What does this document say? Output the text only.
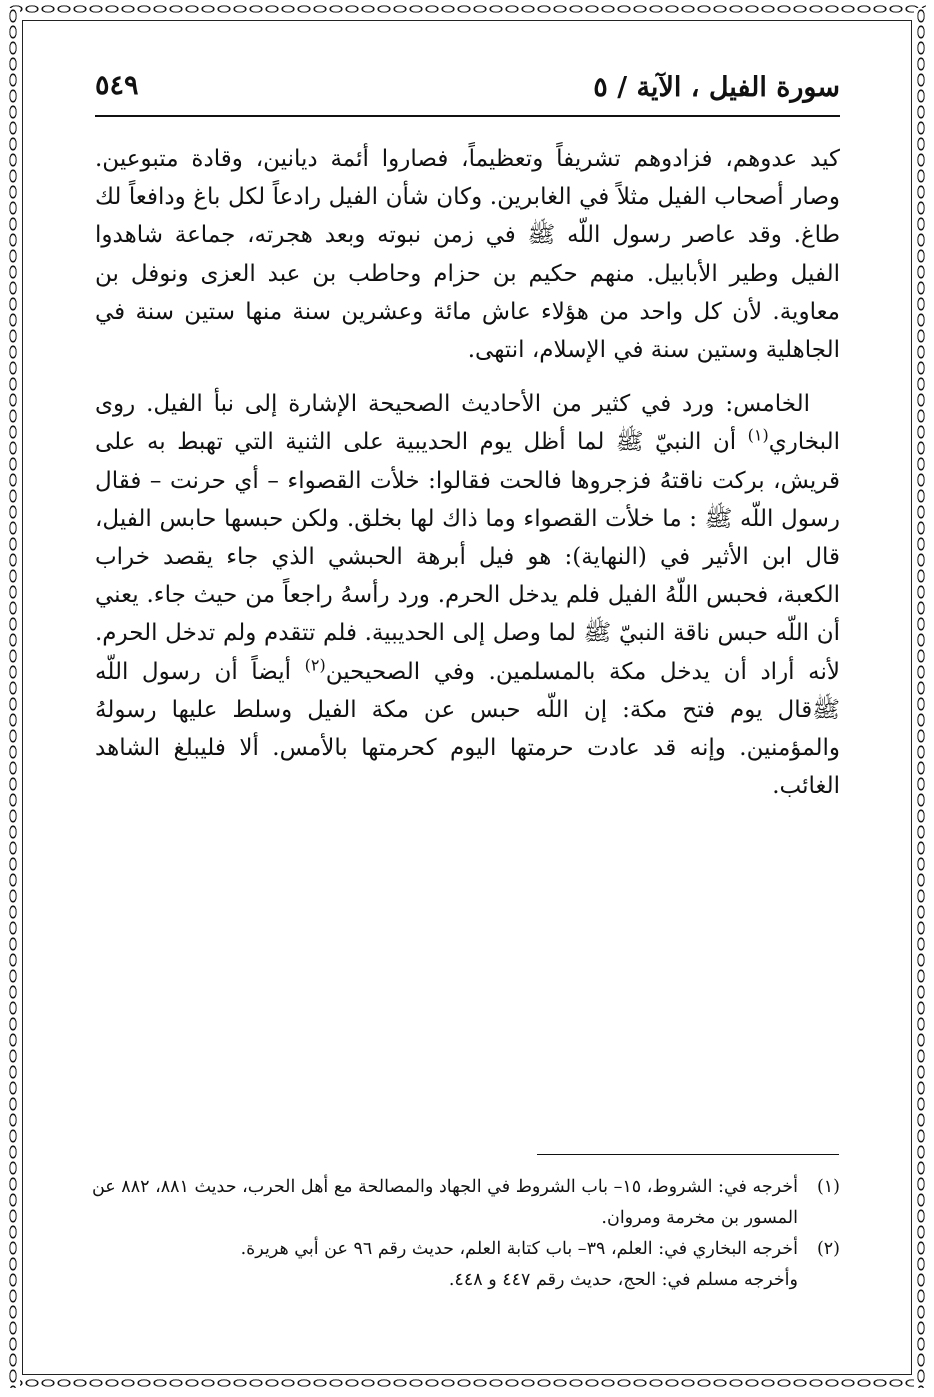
سورة الفيل ، الآية / ٥
٥٤٩

كيد عدوهم، فزادوهم تشريفاً وتعظيماً، فصاروا أئمة ديانين، وقادة متبوعين. وصار أصحاب الفيل مثلاً في الغابرين. وكان شأن الفيل رادعاً لكل باغ ودافعاً لك طاغ. وقد عاصر رسول اللّه ﷺ في زمن نبوته وبعد هجرته، جماعة شاهدوا الفيل وطير الأبابيل. منهم حكيم بن حزام وحاطب بن عبد العزى ونوفل بن معاوية. لأن كل واحد من هؤلاء عاش مائة وعشرين سنة منها ستين سنة في الجاهلية وستين سنة في الإسلام، انتهى.

الخامس: ورد في كثير من الأحاديث الصحيحة الإشارة إلى نبأ الفيل. روى البخاري$^{(١)}$ أن النبيّ ﷺ لما أظل يوم الحديبية على الثنية التي تهبط به على قريش، بركت ناقتهُ فزجروها فالحت فقالوا: خلأت القصواء – أي حرنت – فقال رسول اللّه ﷺ : ما خلأت القصواء وما ذاك لها بخلق. ولكن حبسها حابس الفيل، قال ابن الأثير في (النهاية): هو فيل أبرهة الحبشي الذي جاء يقصد خراب الكعبة، فحبس اللّهُ الفيل فلم يدخل الحرم. ورد رأسهُ راجعاً من حيث جاء. يعني أن اللّه حبس ناقة النبيّ ﷺ لما وصل إلى الحديبية. فلم تتقدم ولم تدخل الحرم. لأنه أراد أن يدخل مكة بالمسلمين. وفي الصحيحين$^{(٢)}$ أيضاً أن رسول اللّه ﷺقال يوم فتح مكة: إن اللّه حبس عن مكة الفيل وسلط عليها رسولهُ والمؤمنين. وإنه قد عادت حرمتها اليوم كحرمتها بالأمس. ألا فليبلغ الشاهد الغائب.

(١)
أخرجه في: الشروط، ١٥– باب الشروط في الجهاد والمصالحة مع أهل الحرب، حديث ٨٨١، ٨٨٢ عن المسور بن مخرمة ومروان.

(٢)
أخرجه البخاري في: العلم، ٣٩– باب كتابة العلم، حديث رقم ٩٦ عن أبي هريرة.

وأخرجه مسلم في: الحج، حديث رقم ٤٤٧ و ٤٤٨.
